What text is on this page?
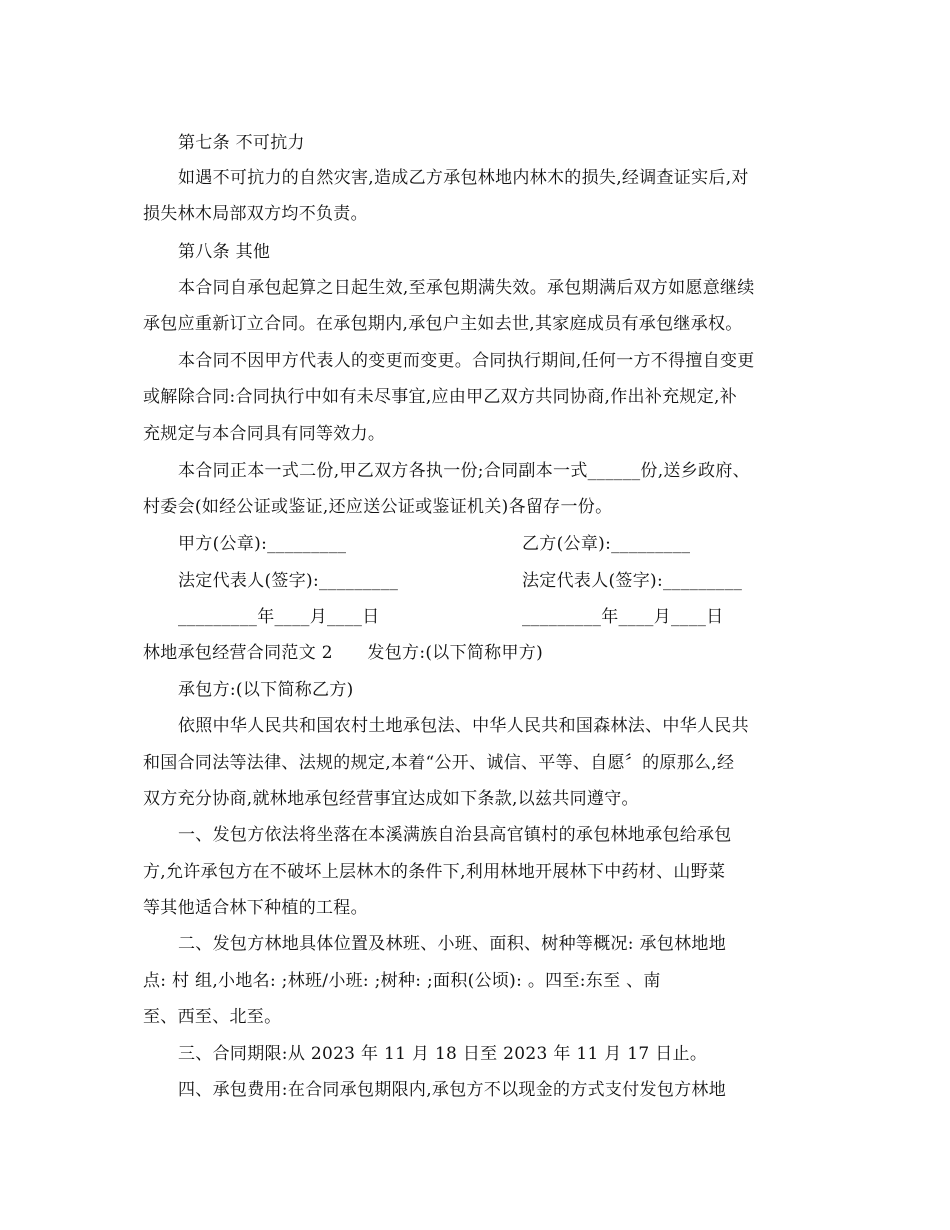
第七条 不可抗力
如遇不可抗力的自然灾害,造成乙方承包林地内林木的损失,经调查证实后,对
损失林木局部双方均不负责。
第八条 其他
本合同自承包起算之日起生效,至承包期满失效。承包期满后双方如愿意继续
承包应重新订立合同。在承包期内,承包户主如去世,其家庭成员有承包继承权。
本合同不因甲方代表人的变更而变更。合同执行期间,任何一方不得擅自变更
或解除合同:合同执行中如有未尽事宜,应由甲乙双方共同协商,作出补充规定,补
充规定与本合同具有同等效力。
本合同正本一式二份,甲乙双方各执一份;合同副本一式______份,送乡政府、
村委会(如经公证或鉴证,还应送公证或鉴证机关)各留存一份。
甲方(公章):_________	乙方(公章):_________
法定代表人(签字):_________	法定代表人(签字):_________
_________年____月____日	_________年____月____日
林地承包经营合同范文 2　　发包方:(以下简称甲方)
承包方:(以下简称乙方)
依照中华人民共和国农村土地承包法、中华人民共和国森林法、中华人民共
和国合同法等法律、法规的规定,本着“公开、诚信、平等、自愿〞的原那么,经
双方充分协商,就林地承包经营事宜达成如下条款,以兹共同遵守。
一、发包方依法将坐落在本溪满族自治县高官镇村的承包林地承包给承包
方,允许承包方在不破坏上层林木的条件下,利用林地开展林下中药材、山野菜
等其他适合林下种植的工程。
二、发包方林地具体位置及林班、小班、面积、树种等概况: 承包林地地
点: 村 组,小地名: ;林班/小班: ;树种: ;面积(公顷): 。四至:东至 、南
至、西至、北至。
三、合同期限:从 2023 年 11 月 18 日至 2023 年 11 月 17 日止。
四、承包费用:在合同承包期限内,承包方不以现金的方式支付发包方林地
